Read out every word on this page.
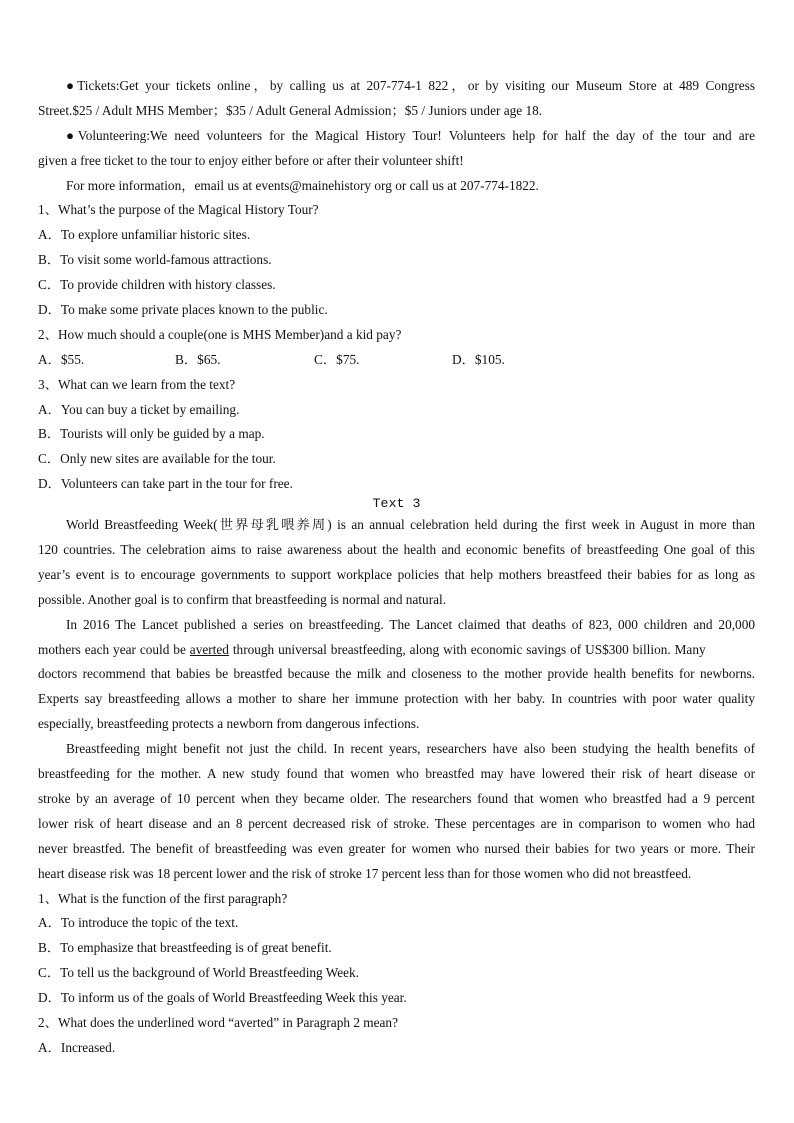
●Tickets:Get your tickets online，by calling us at 207-774-1 822，or by visiting our Museum Store at 489 Congress
Street.$25 / Adult MHS Member；$35 / Adult General Admission；$5 / Juniors under age 18.
●Volunteering:We need volunteers for the Magical History Tour! Volunteers help for half the day of the tour and are
given a free ticket to the tour to enjoy either before or after their volunteer shift!
For more information，email us at events@mainehistory org or call us at 207-774-1822.
1、What’s the purpose of the Magical History Tour?
A．To explore unfamiliar historic sites.
B．To visit some world-famous attractions.
C．To provide children with history classes.
D．To make some private places known to the public.
2、How much should a couple(one is MHS Member)and a kid pay?
A．$55.	B．$65.	C．$75.	D．$105.
3、What can we learn from the text?
A．You can buy a ticket by emailing.
B．Tourists will only be guided by a map.
C．Only new sites are available for the tour.
D．Volunteers can take part in the tour for free.
Text 3
World Breastfeeding Week(世界母乳喂养周) is an annual celebration held during the first week in August in more than
120 countries. The celebration aims to raise awareness about the health and economic benefits of breastfeeding One goal of this
year’s event is to encourage governments to support workplace policies that help mothers breastfeed their babies for as long as
possible. Another goal is to confirm that breastfeeding is normal and natural.
In 2016 The Lancet published a series on breastfeeding. The Lancet claimed that deaths of 823, 000 children and 20,000
mothers each year could be averted through universal breastfeeding, along with economic savings of US$300 billion. Many
doctors recommend that babies be breastfed because the milk and closeness to the mother provide health benefits for newborns.
Experts say breastfeeding allows a mother to share her immune protection with her baby. In countries with poor water quality
especially, breastfeeding protects a newborn from dangerous infections.
Breastfeeding might benefit not just the child. In recent years, researchers have also been studying the health benefits of
breastfeeding for the mother. A new study found that women who breastfed may have lowered their risk of heart disease or
stroke by an average of 10 percent when they became older. The researchers found that women who breastfed had a 9 percent
lower risk of heart disease and an 8 percent decreased risk of stroke. These percentages are in comparison to women who had
never breastfed. The benefit of breastfeeding was even greater for women who nursed their babies for two years or more. Their
heart disease risk was 18 percent lower and the risk of stroke 17 percent less than for those women who did not breastfeed.
1、What is the function of the first paragraph?
A．To introduce the topic of the text.
B．To emphasize that breastfeeding is of great benefit.
C．To tell us the background of World Breastfeeding Week.
D．To inform us of the goals of World Breastfeeding Week this year.
2、What does the underlined word “averted” in Paragraph 2 mean?
A．Increased.
